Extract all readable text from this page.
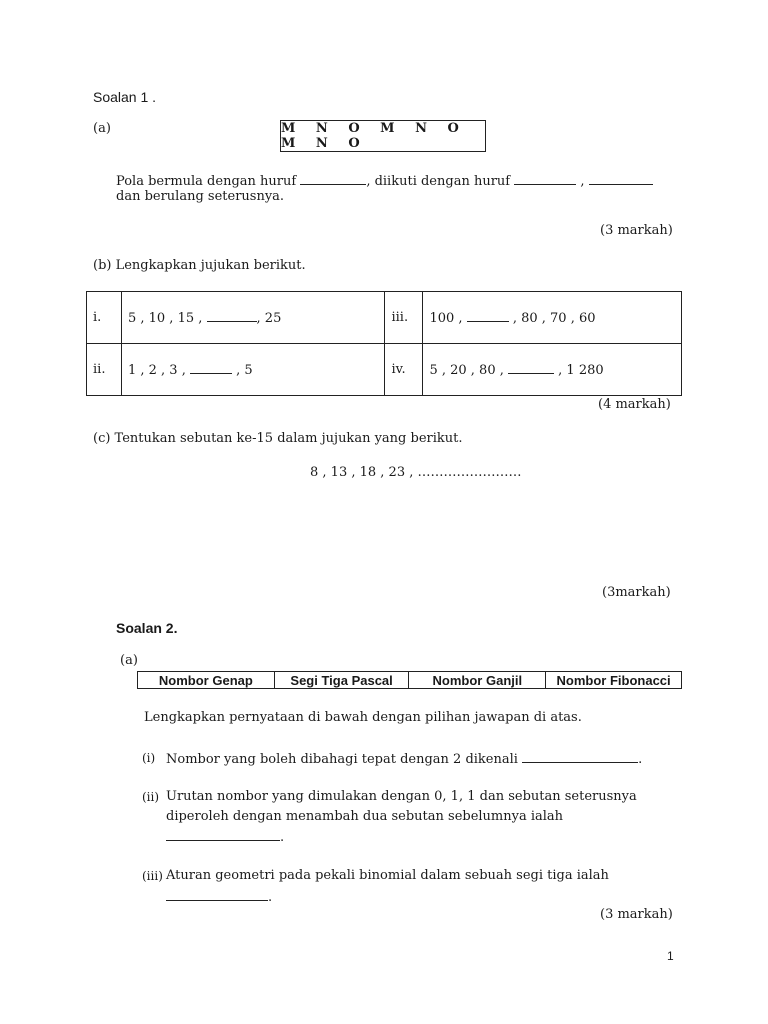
Soalan 1 .
(a)	M N O M N O M N O
Pola bermula dengan huruf	, diikuti dengan huruf	,
dan berulang seterusnya.
(3 markah)
(b) Lengkapkan jujukan berikut.
i.	5 , 10 , 15 , , 25	iii.	100 , , 80 , 70 , 60
ii.	1 , 2 , 3 , , 5	iv.	5 , 20 , 80 , , 1 280
(4 markah)
(c) Tentukan sebutan ke-15 dalam jujukan yang berikut.
8 , 13 , 18 , 23 , ……………………
(3markah)
Soalan 2.
(a)
Nombor Genap	Segi Tiga Pascal	Nombor Ganjil	Nombor Fibonacci
Lengkapkan pernyataan di bawah dengan pilihan jawapan di atas.
(i) Nombor yang boleh dibahagi tepat dengan 2 dikenali	.
(ii) Urutan nombor yang dimulakan dengan 0, 1, 1 dan sebutan seterusnya
diperoleh dengan menambah dua sebutan sebelumnya ialah
.
(iii) Aturan geometri pada pekali binomial dalam sebuah segi tiga ialah
.
(3 markah)
1
